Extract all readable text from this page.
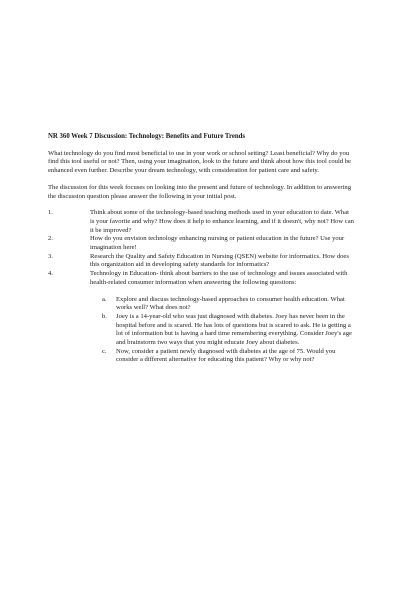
NR 360 Week 7 Discussion: Technology: Benefits and Future Trends

What technology do you find most beneficial to use in your work or school setting? Least beneficial? Why do you find this tool useful or not? Then, using your imagination, look to the future and think about how this tool could be enhanced even further. Describe your dream technology, with consideration for patient care and safety.

The discussion for this week focuses on looking into the present and future of technology. In addition to answering the discussion question please answer the following in your initial post.

1.	Think about some of the technology-based teaching methods used in your education to date. What is your favorite and why? How does it help to enhance learning, and if it doesn't, why not? How can it be improved?
2.	How do you envision technology enhancing nursing or patient education in the future? Use your imagination here!
3.	Research the Quality and Safety Education in Nursing (QSEN) website for informatics. How does this organization aid in developing safety standards for informatics?
4.	Technology in Education- think about barriers to the use of technology and issues associated with health-related consumer information when answering the following questions:
a. Explore and discuss technology-based approaches to consumer health education. What works well? What does not?
b. Joey is a 14-year-old who was just diagnosed with diabetes. Joey has never been in the hospital before and is scared. He has lots of questions but is scared to ask. He is getting a lot of information but is having a hard time remembering everything. Consider Joey's age and brainstorm two ways that you might educate Joey about diabetes.
c. Now, consider a patient newly diagnosed with diabetes at the age of 75. Would you consider a different alternative for educating this patient? Why or why not?
